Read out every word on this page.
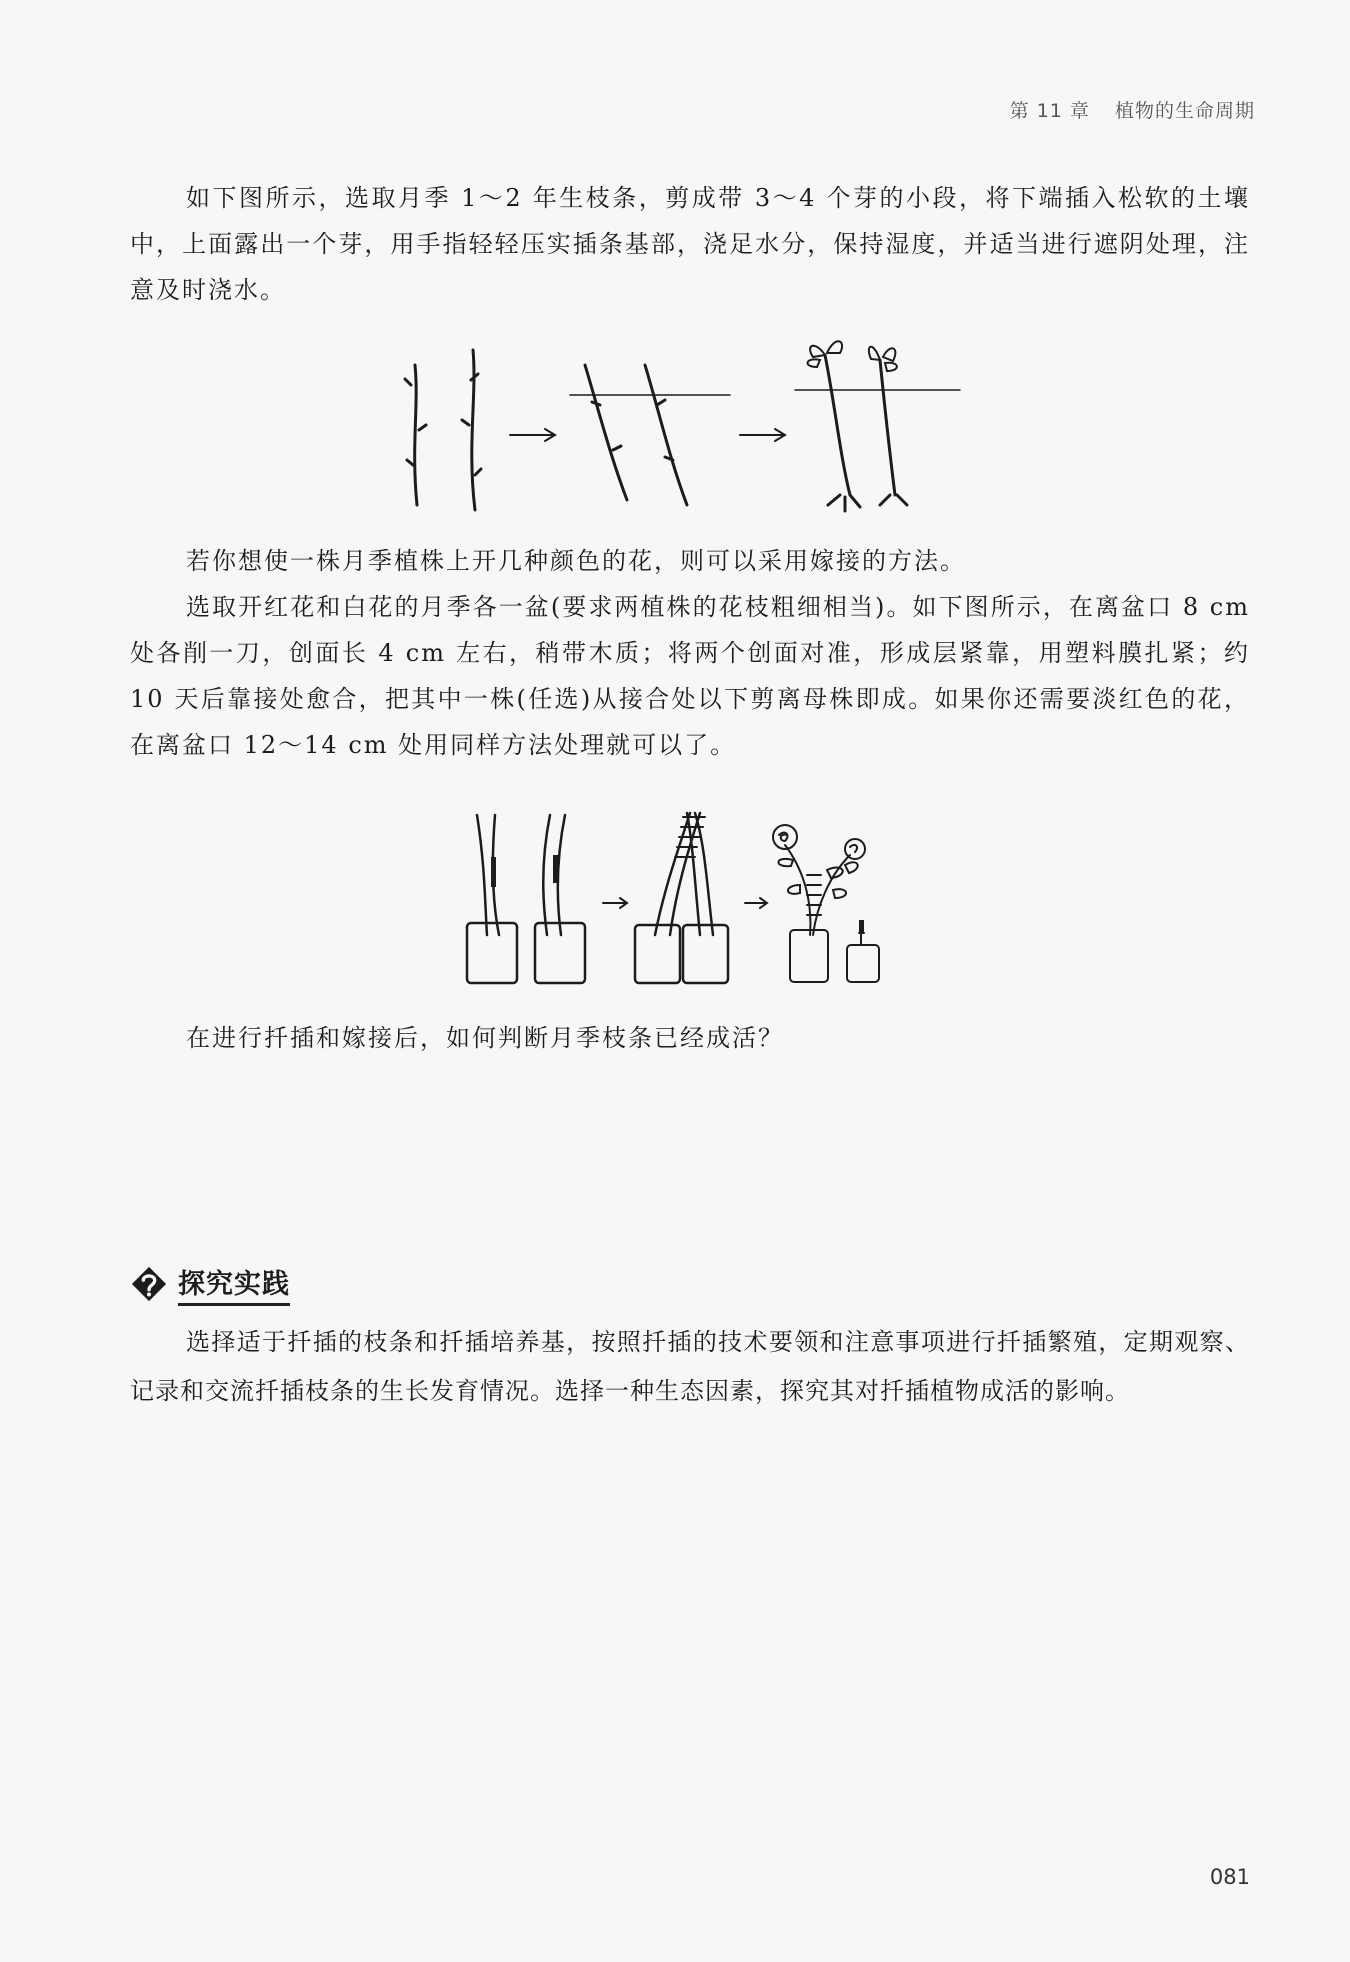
第 11 章 植物的生命周期

如下图所示，选取月季 1～2 年生枝条，剪成带 3～4 个芽的小段，将下端插入松软的土壤中，上面露出一个芽，用手指轻轻压实插条基部，浇足水分，保持湿度，并适当进行遮阴处理，注意及时浇水。

若你想使一株月季植株上开几种颜色的花，则可以采用嫁接的方法。

选取开红花和白花的月季各一盆(要求两植株的花枝粗细相当)。如下图所示，在离盆口 8 cm 处各削一刀，创面长 4 cm 左右，稍带木质；将两个创面对准，形成层紧靠，用塑料膜扎紧；约 10 天后靠接处愈合，把其中一株(任选)从接合处以下剪离母株即成。如果你还需要淡红色的花，在离盆口 12～14 cm 处用同样方法处理就可以了。

在进行扦插和嫁接后，如何判断月季枝条已经成活？

探究实践

选择适于扦插的枝条和扦插培养基，按照扦插的技术要领和注意事项进行扦插繁殖，定期观察、记录和交流扦插枝条的生长发育情况。选择一种生态因素，探究其对扦插植物成活的影响。

081
